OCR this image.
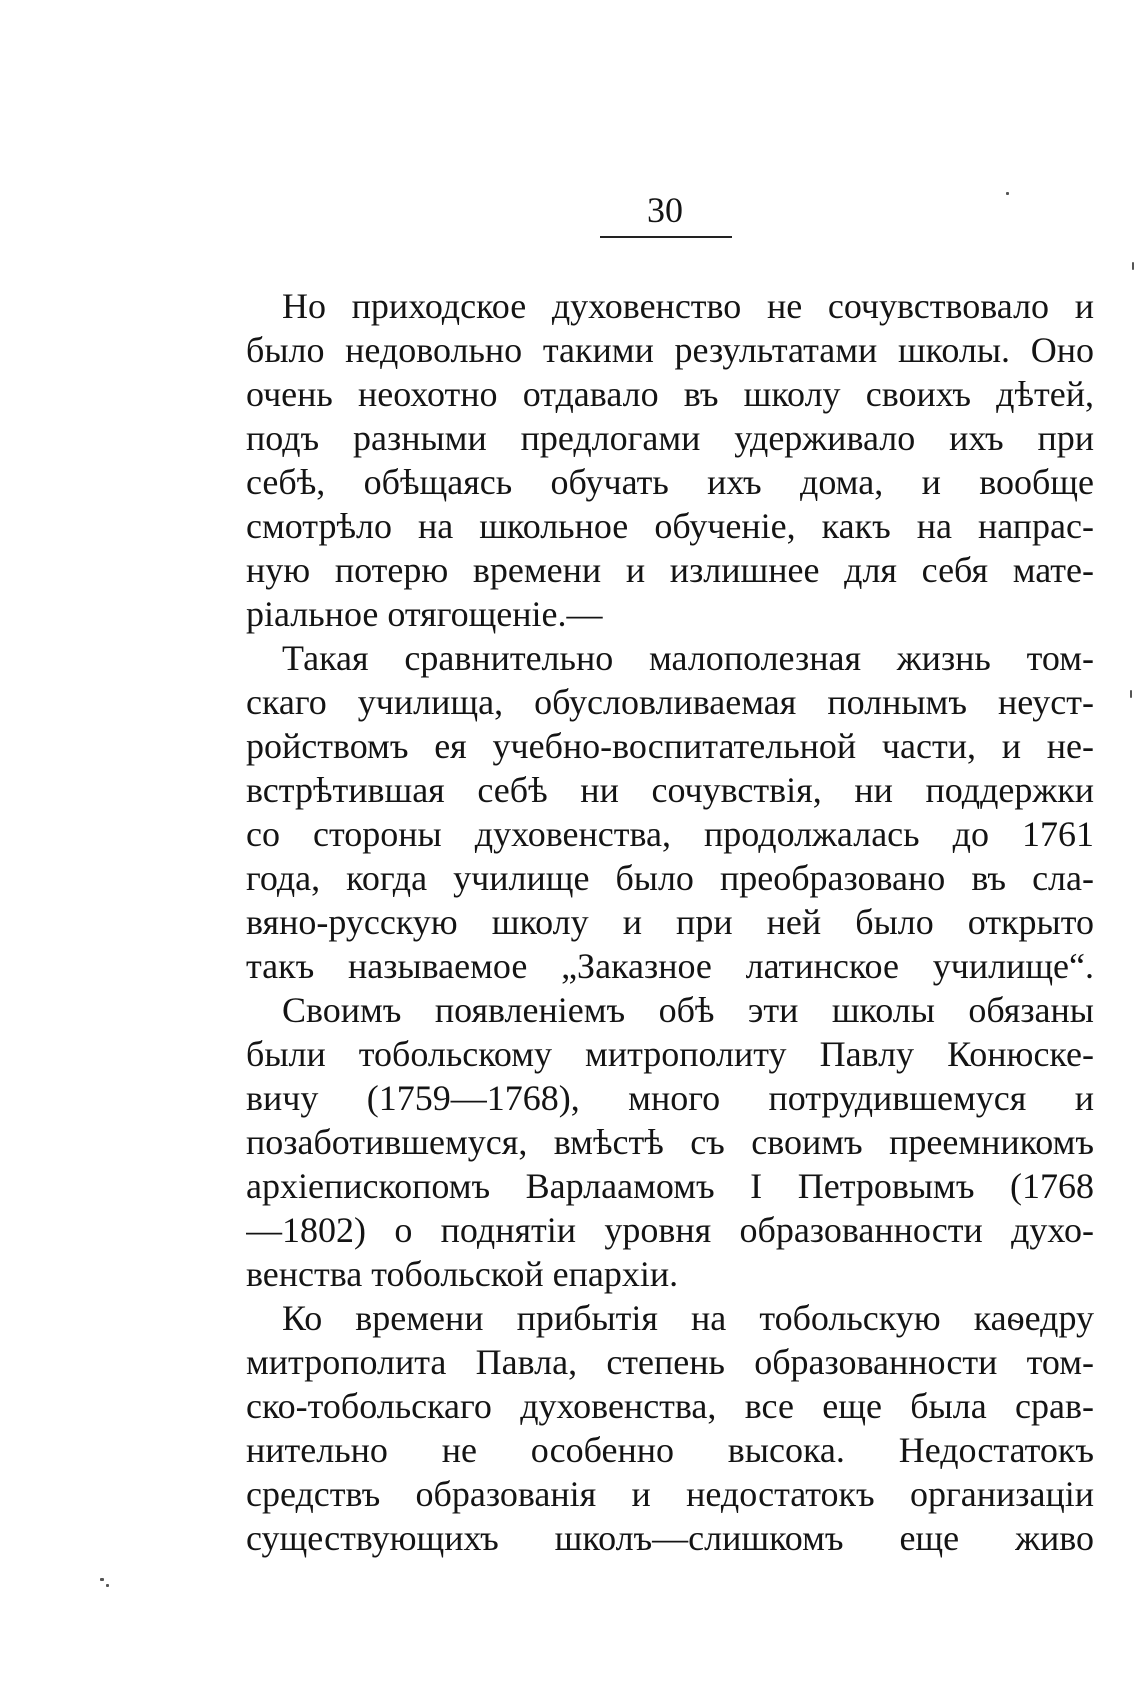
30
Но приходское духовенство не сочувствовало и
было недовольно такими результатами школы. Оно
очень неохотно отдавало въ школу своихъ дѣтей,
подъ разными предлогами удерживало ихъ при
себѣ, обѣщаясь обучать ихъ дома, и вообще
смотрѣло на школьное обученіе, какъ на напрас-
ную потерю времени и излишнее для себя мате-
ріальное отягощеніе.—
Такая сравнительно малополезная жизнь том-
скаго училища, обусловливаемая полнымъ неуст-
ройствомъ ея учебно-воспитательной части, и не-
встрѣтившая себѣ ни сочувствія, ни поддержки
со стороны духовенства, продолжалась до 1761
года, когда училище было преобразовано въ сла-
вяно-русскую школу и при ней было открыто
такъ называемое „Заказное латинское училище“.
Своимъ появленіемъ обѣ эти школы обязаны
были тобольскому митрополиту Павлу Конюске-
вичу (1759—1768), много потрудившемуся и
позаботившемуся, вмѣстѣ съ своимъ преемникомъ
архіепископомъ Варлаамомъ I Петровымъ (1768
—1802) о поднятіи уровня образованности духо-
венства тобольской епархіи.
Ко времени прибытія на тобольскую каѳедру
митрополита Павла, степень образованности том-
ско-тобольскаго духовенства, все еще была срав-
нительно не особенно высока. Недостатокъ
средствъ образованія и недостатокъ организаціи
существующихъ школъ—слишкомъ еще живо
